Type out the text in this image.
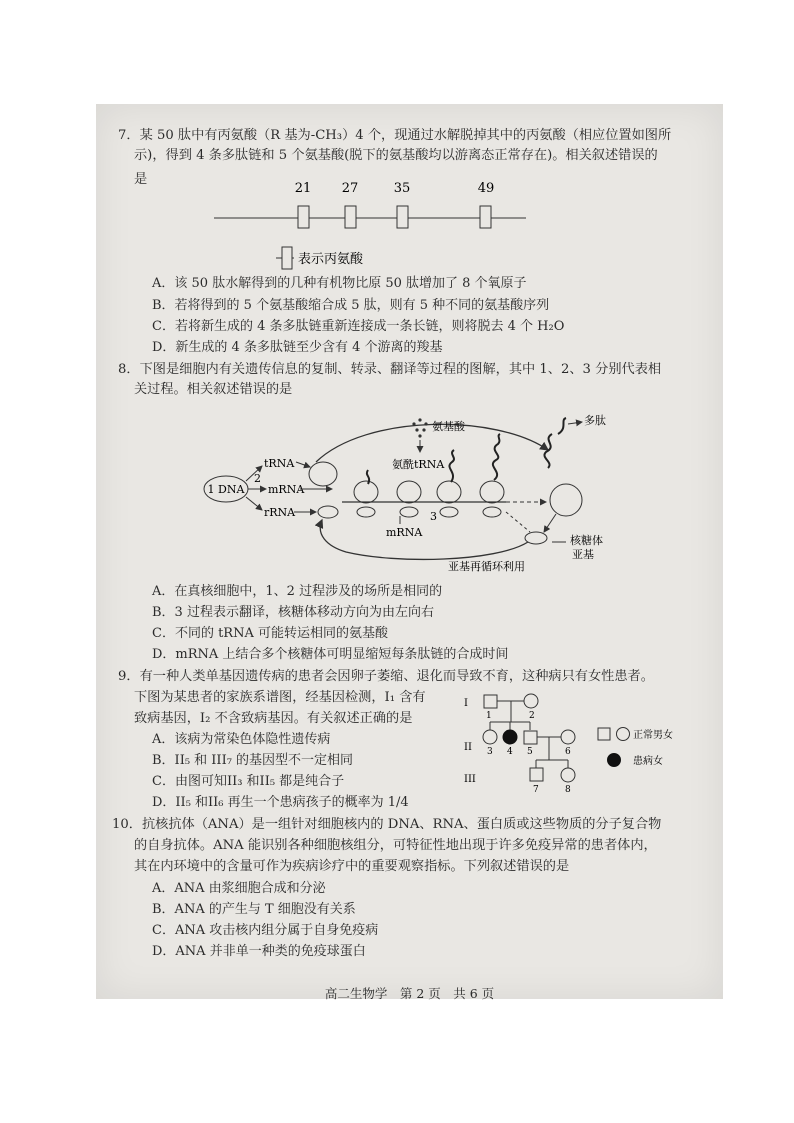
7．某 50 肽中有丙氨酸（R 基为-CH₃）4 个，现通过水解脱掉其中的丙氨酸（相应位置如图所
示)，得到 4 条多肽链和 5 个氨基酸(脱下的氨基酸均以游离态正常存在)。相关叙述错误的
是
21 27	35	49
表示丙氨酸
A．该 50 肽水解得到的几种有机物比原 50 肽增加了 8 个氧原子
B．若将得到的 5 个氨基酸缩合成 5 肽，则有 5 种不同的氨基酸序列
C．若将新生成的 4 条多肽链重新连接成一条长链，则将脱去 4 个 H₂O
D．新生成的 4 条多肽链至少含有 4 个游离的羧基
8．下图是细胞内有关遗传信息的复制、转录、翻译等过程的图解，其中 1、2、3 分别代表相
关过程。相关叙述错误的是
1 DNA
2
tRNA
mRNA
rRNA
氨基酸
氨酰tRNA
多肽
mRNA
3
核糖体
亚基
亚基再循环利用
A．在真核细胞中，1、2 过程涉及的场所是相同的
B．3 过程表示翻译，核糖体移动方向为由左向右
C．不同的 tRNA 可能转运相同的氨基酸
D．mRNA 上结合多个核糖体可明显缩短每条肽链的合成时间
9．有一种人类单基因遗传病的患者会因卵子萎缩、退化而导致不育，这种病只有女性患者。
下图为某患者的家族系谱图，经基因检测，I₁ 含有
致病基因，I₂ 不含致病基因。有关叙述正确的是
I
II
III
1	2
3 4 5	6
7	8
正常男女
患病女
A．该病为常染色体隐性遗传病
B．II₅ 和 III₇ 的基因型不一定相同
C．由图可知II₃ 和II₅ 都是纯合子
D．II₅ 和II₆ 再生一个患病孩子的概率为 1/4
10．抗核抗体（ANA）是一组针对细胞核内的 DNA、RNA、蛋白质或这些物质的分子复合物
的自身抗体。ANA 能识别各种细胞核组分，可特征性地出现于许多免疫异常的患者体内，
其在内环境中的含量可作为疾病诊疗中的重要观察指标。下列叙述错误的是
A．ANA 由浆细胞合成和分泌
B．ANA 的产生与 T 细胞没有关系
C．ANA 攻击核内组分属于自身免疫病
D．ANA 并非单一种类的免疫球蛋白
高二生物学　第 2 页　共 6 页
